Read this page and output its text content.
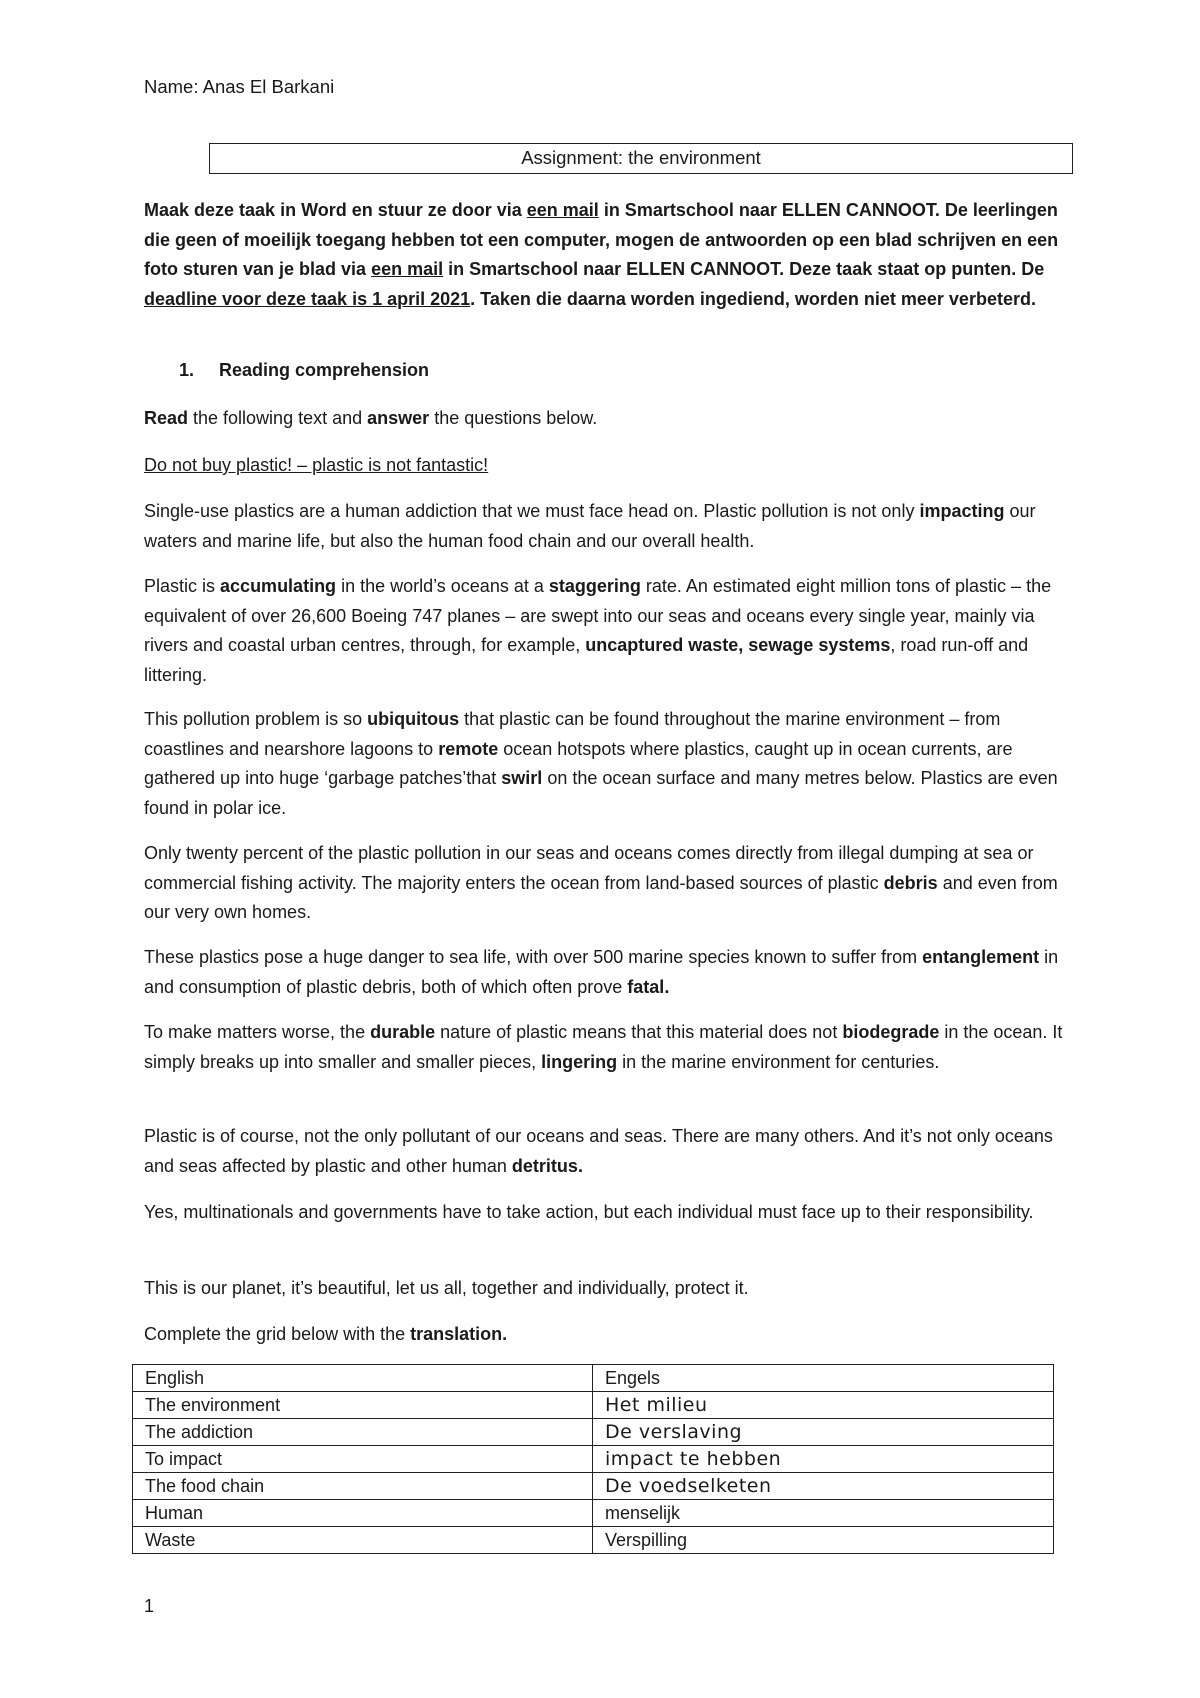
Name: Anas El Barkani
Assignment: the environment
Maak deze taak in Word en stuur ze door via een mail in Smartschool naar ELLEN CANNOOT. De leerlingen die geen of moeilijk toegang hebben tot een computer, mogen de antwoorden op een blad schrijven en een foto sturen van je blad via een mail in Smartschool naar ELLEN CANNOOT. Deze taak staat op punten. De deadline voor deze taak is 1 april 2021. Taken die daarna worden ingediend, worden niet meer verbeterd.
1. Reading comprehension

Read the following text and answer the questions below.

Do not buy plastic! – plastic is not fantastic!

Single-use plastics are a human addiction that we must face head on. Plastic pollution is not only impacting our waters and marine life, but also the human food chain and our overall health.

Plastic is accumulating in the world’s oceans at a staggering rate. An estimated eight million tons of plastic – the equivalent of over 26,600 Boeing 747 planes – are swept into our seas and oceans every single year, mainly via rivers and coastal urban centres, through, for example, uncaptured waste, sewage systems, road run-off and littering.

This pollution problem is so ubiquitous that plastic can be found throughout the marine environment – from coastlines and nearshore lagoons to remote ocean hotspots where plastics, caught up in ocean currents, are gathered up into huge ‘garbage patches’that swirl on the ocean surface and many metres below. Plastics are even found in polar ice.

Only twenty percent of the plastic pollution in our seas and oceans comes directly from illegal dumping at sea or commercial fishing activity. The majority enters the ocean from land-based sources of plastic debris and even from our very own homes.

These plastics pose a huge danger to sea life, with over 500 marine species known to suffer from entanglement in and consumption of plastic debris, both of which often prove fatal.

To make matters worse, the durable nature of plastic means that this material does not biodegrade in the ocean. It simply breaks up into smaller and smaller pieces, lingering in the marine environment for centuries.

Plastic is of course, not the only pollutant of our oceans and seas. There are many others. And it’s not only oceans and seas affected by plastic and other human detritus.

Yes, multinationals and governments have to take action, but each individual must face up to their responsibility.

This is our planet, it’s beautiful, let us all, together and individually, protect it.

Complete the grid below with the translation.

English	Engels
The environment	Het milieu
The addiction	De verslaving
To impact	impact te hebben
The food chain	De voedselketen
Human	menselijk
Waste	Verspilling
1
